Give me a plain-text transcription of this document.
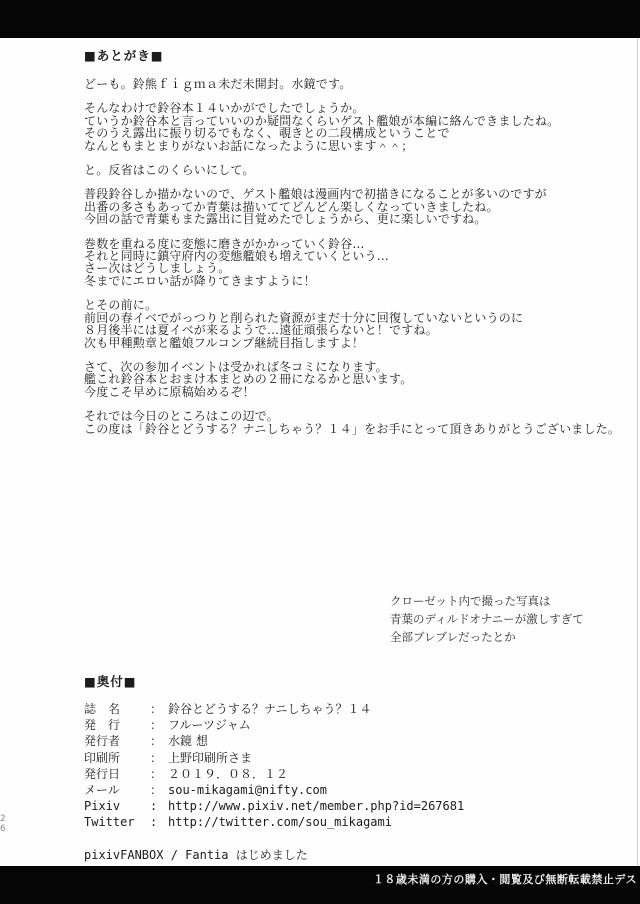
■あとがき■
どーも。鈴熊ｆｉｇｍａ未だ未開封。水鏡です。
そんなわけで鈴谷本１４いかがでしたでしょうか。
ていうか鈴谷本と言っていいのか疑問なくらいゲスト艦娘が本編に絡んできましたね。
そのうえ露出に振り切るでもなく、覗きとの二段構成ということで
なんともまとまりがないお話になったように思います＾＾；
と。反省はこのくらいにして。
普段鈴谷しか描かないので、ゲスト艦娘は漫画内で初描きになることが多いのですが
出番の多さもあってか青葉は描いててどんどん楽しくなっていきましたね。
今回の話で青葉もまた露出に目覚めたでしょうから、更に楽しいですね。
巻数を重ねる度に変態に磨きがかかっていく鈴谷…
それと同時に鎮守府内の変態艦娘も増えていくという…
さー次はどうしましょう。
冬までにエロい話が降りてきますように！
とその前に。
前回の春イベでがっつりと削られた資源がまだ十分に回復していないというのに
８月後半には夏イベが来るようで…遠征頑張らないと！ですね。
次も甲種勲章と艦娘フルコンプ継続目指しますよ！
さて、次の参加イベントは受かれば冬コミになります。
艦これ鈴谷本とおまけ本まとめの２冊になるかと思います。
今度こそ早めに原稿始めるぞ！
それでは今日のところはこの辺で。
この度は「鈴谷とどうする？ナニしちゃう？１４」をお手にとって頂きありがとうございました。
クローゼット内で撮った写真は
青葉のディルドオナニーが激しすぎて
全部ブレブレだったとか
■奥付■
誌　名	： 鈴谷とどうする？ナニしちゃう？１４
発　行	： フルーツジャム
発行者	： 水鏡 想
印刷所	： 上野印刷所さま
発行日	： ２０１９．０８．１２
メール	： sou-mikagami@nifty.com
Pixiv	: http://www.pixiv.net/member.php?id=267681
Twitter	: http://twitter.com/sou_mikagami
pixivFANBOX / Fantia はじめました
26
１８歳未満の方の購入・閲覧及び無断転載禁止デス
